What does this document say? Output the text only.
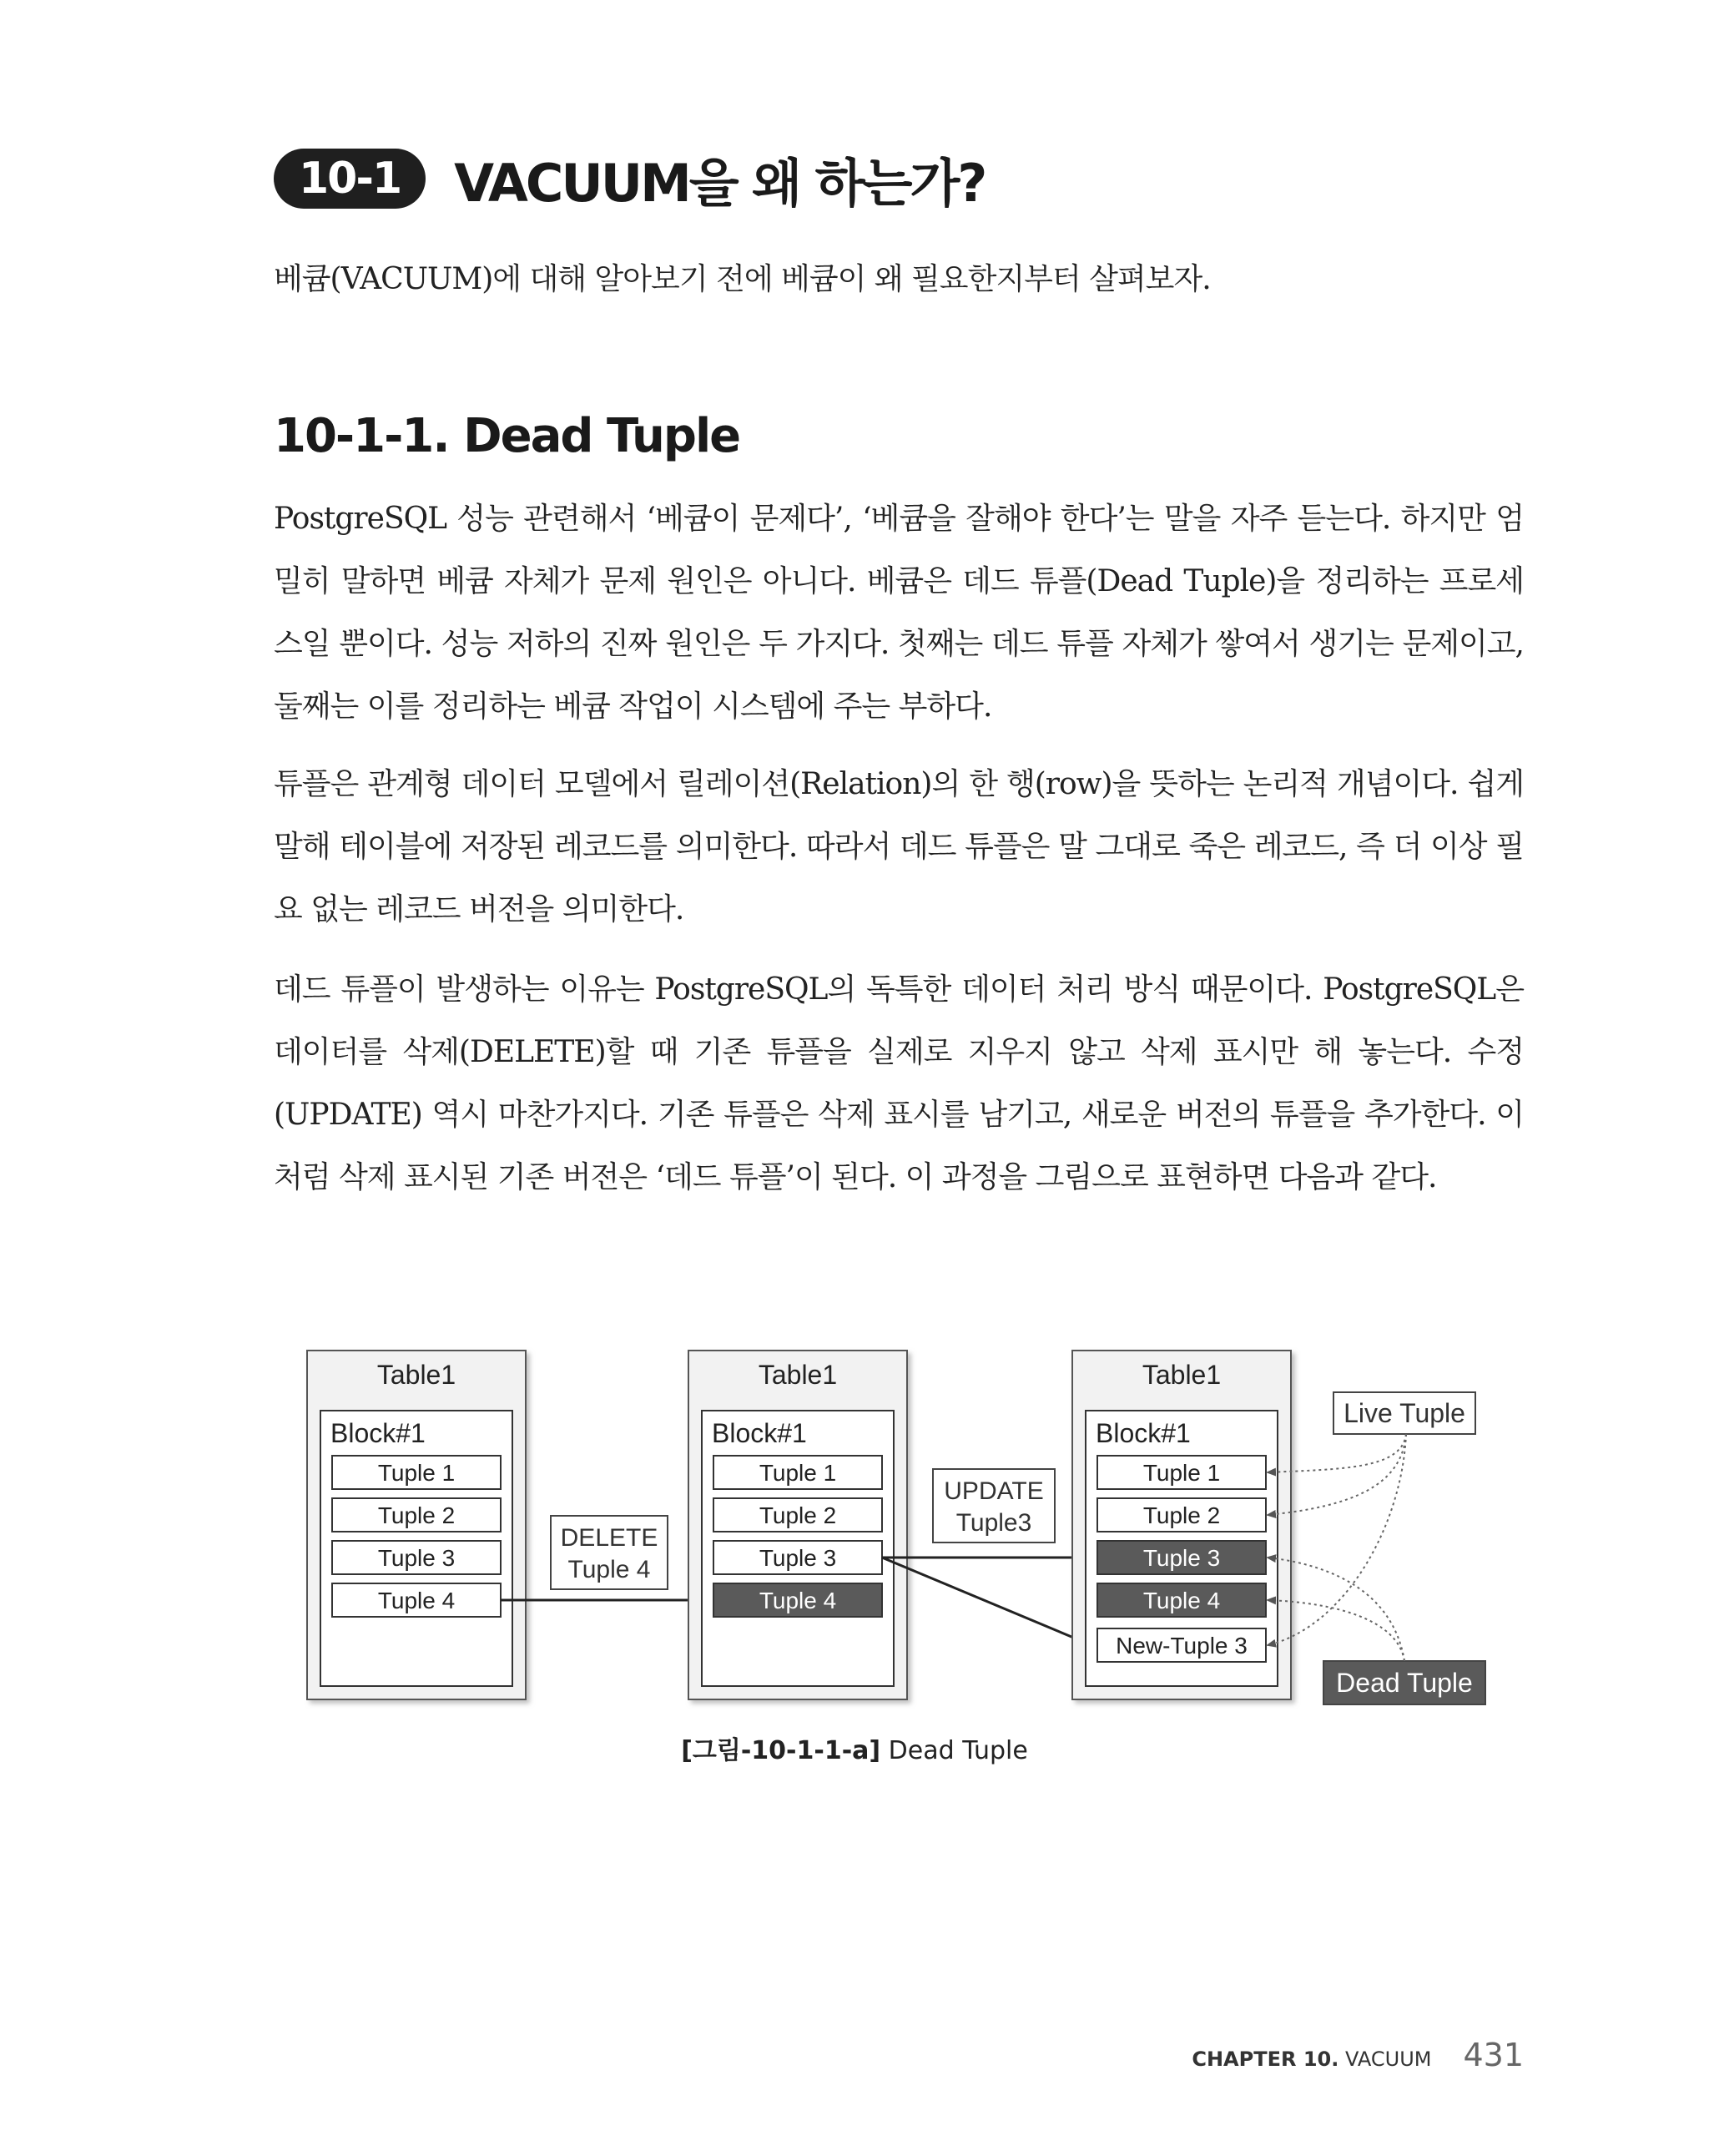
10-1	VACUUM을 왜 하는가?
베큠(VACUUM)에 대해 알아보기 전에 베큠이 왜 필요한지부터 살펴보자.
10-1-1. Dead Tuple

PostgreSQL 성능 관련해서 ‘베큠이 문제다’, ‘베큠을 잘해야 한다’는 말을 자주 듣는다. 하지만 엄밀히 말하면 베큠 자체가 문제 원인은 아니다. 베큠은 데드 튜플(Dead Tuple)을 정리하는 프로세스일 뿐이다. 성능 저하의 진짜 원인은 두 가지다. 첫째는 데드 튜플 자체가 쌓여서 생기는 문제이고, 둘째는 이를 정리하는 베큠 작업이 시스템에 주는 부하다.

튜플은 관계형 데이터 모델에서 릴레이션(Relation)의 한 행(row)을 뜻하는 논리적 개념이다. 쉽게 말해 테이블에 저장된 레코드를 의미한다. 따라서 데드 튜플은 말 그대로 죽은 레코드, 즉 더 이상 필요 없는 레코드 버전을 의미한다.

데드 튜플이 발생하는 이유는 PostgreSQL의 독특한 데이터 처리 방식 때문이다. PostgreSQL은 데이터를 삭제(DELETE)할 때 기존 튜플을 실제로 지우지 않고 삭제 표시만 해 놓는다. 수정(UPDATE) 역시 마찬가지다. 기존 튜플은 삭제 표시를 남기고, 새로운 버전의 튜플을 추가한다. 이처럼 삭제 표시된 기존 버전은 ‘데드 튜플’이 된다. 이 과정을 그림으로 표현하면 다음과 같다.

Table1
Block#1
Tuple 1
Tuple 2
Tuple 3
Tuple 4
DELETE
Tuple 4
Table1
Block#1
Tuple 1
Tuple 2
Tuple 3
Tuple 4
UPDATE
Tuple3
Table1
Block#1
Tuple 1
Tuple 2
Tuple 3
Tuple 4
New-Tuple 3
Live Tuple
Dead Tuple
[그림-10-1-1-a] Dead Tuple
CHAPTER 10. VACUUM 431
